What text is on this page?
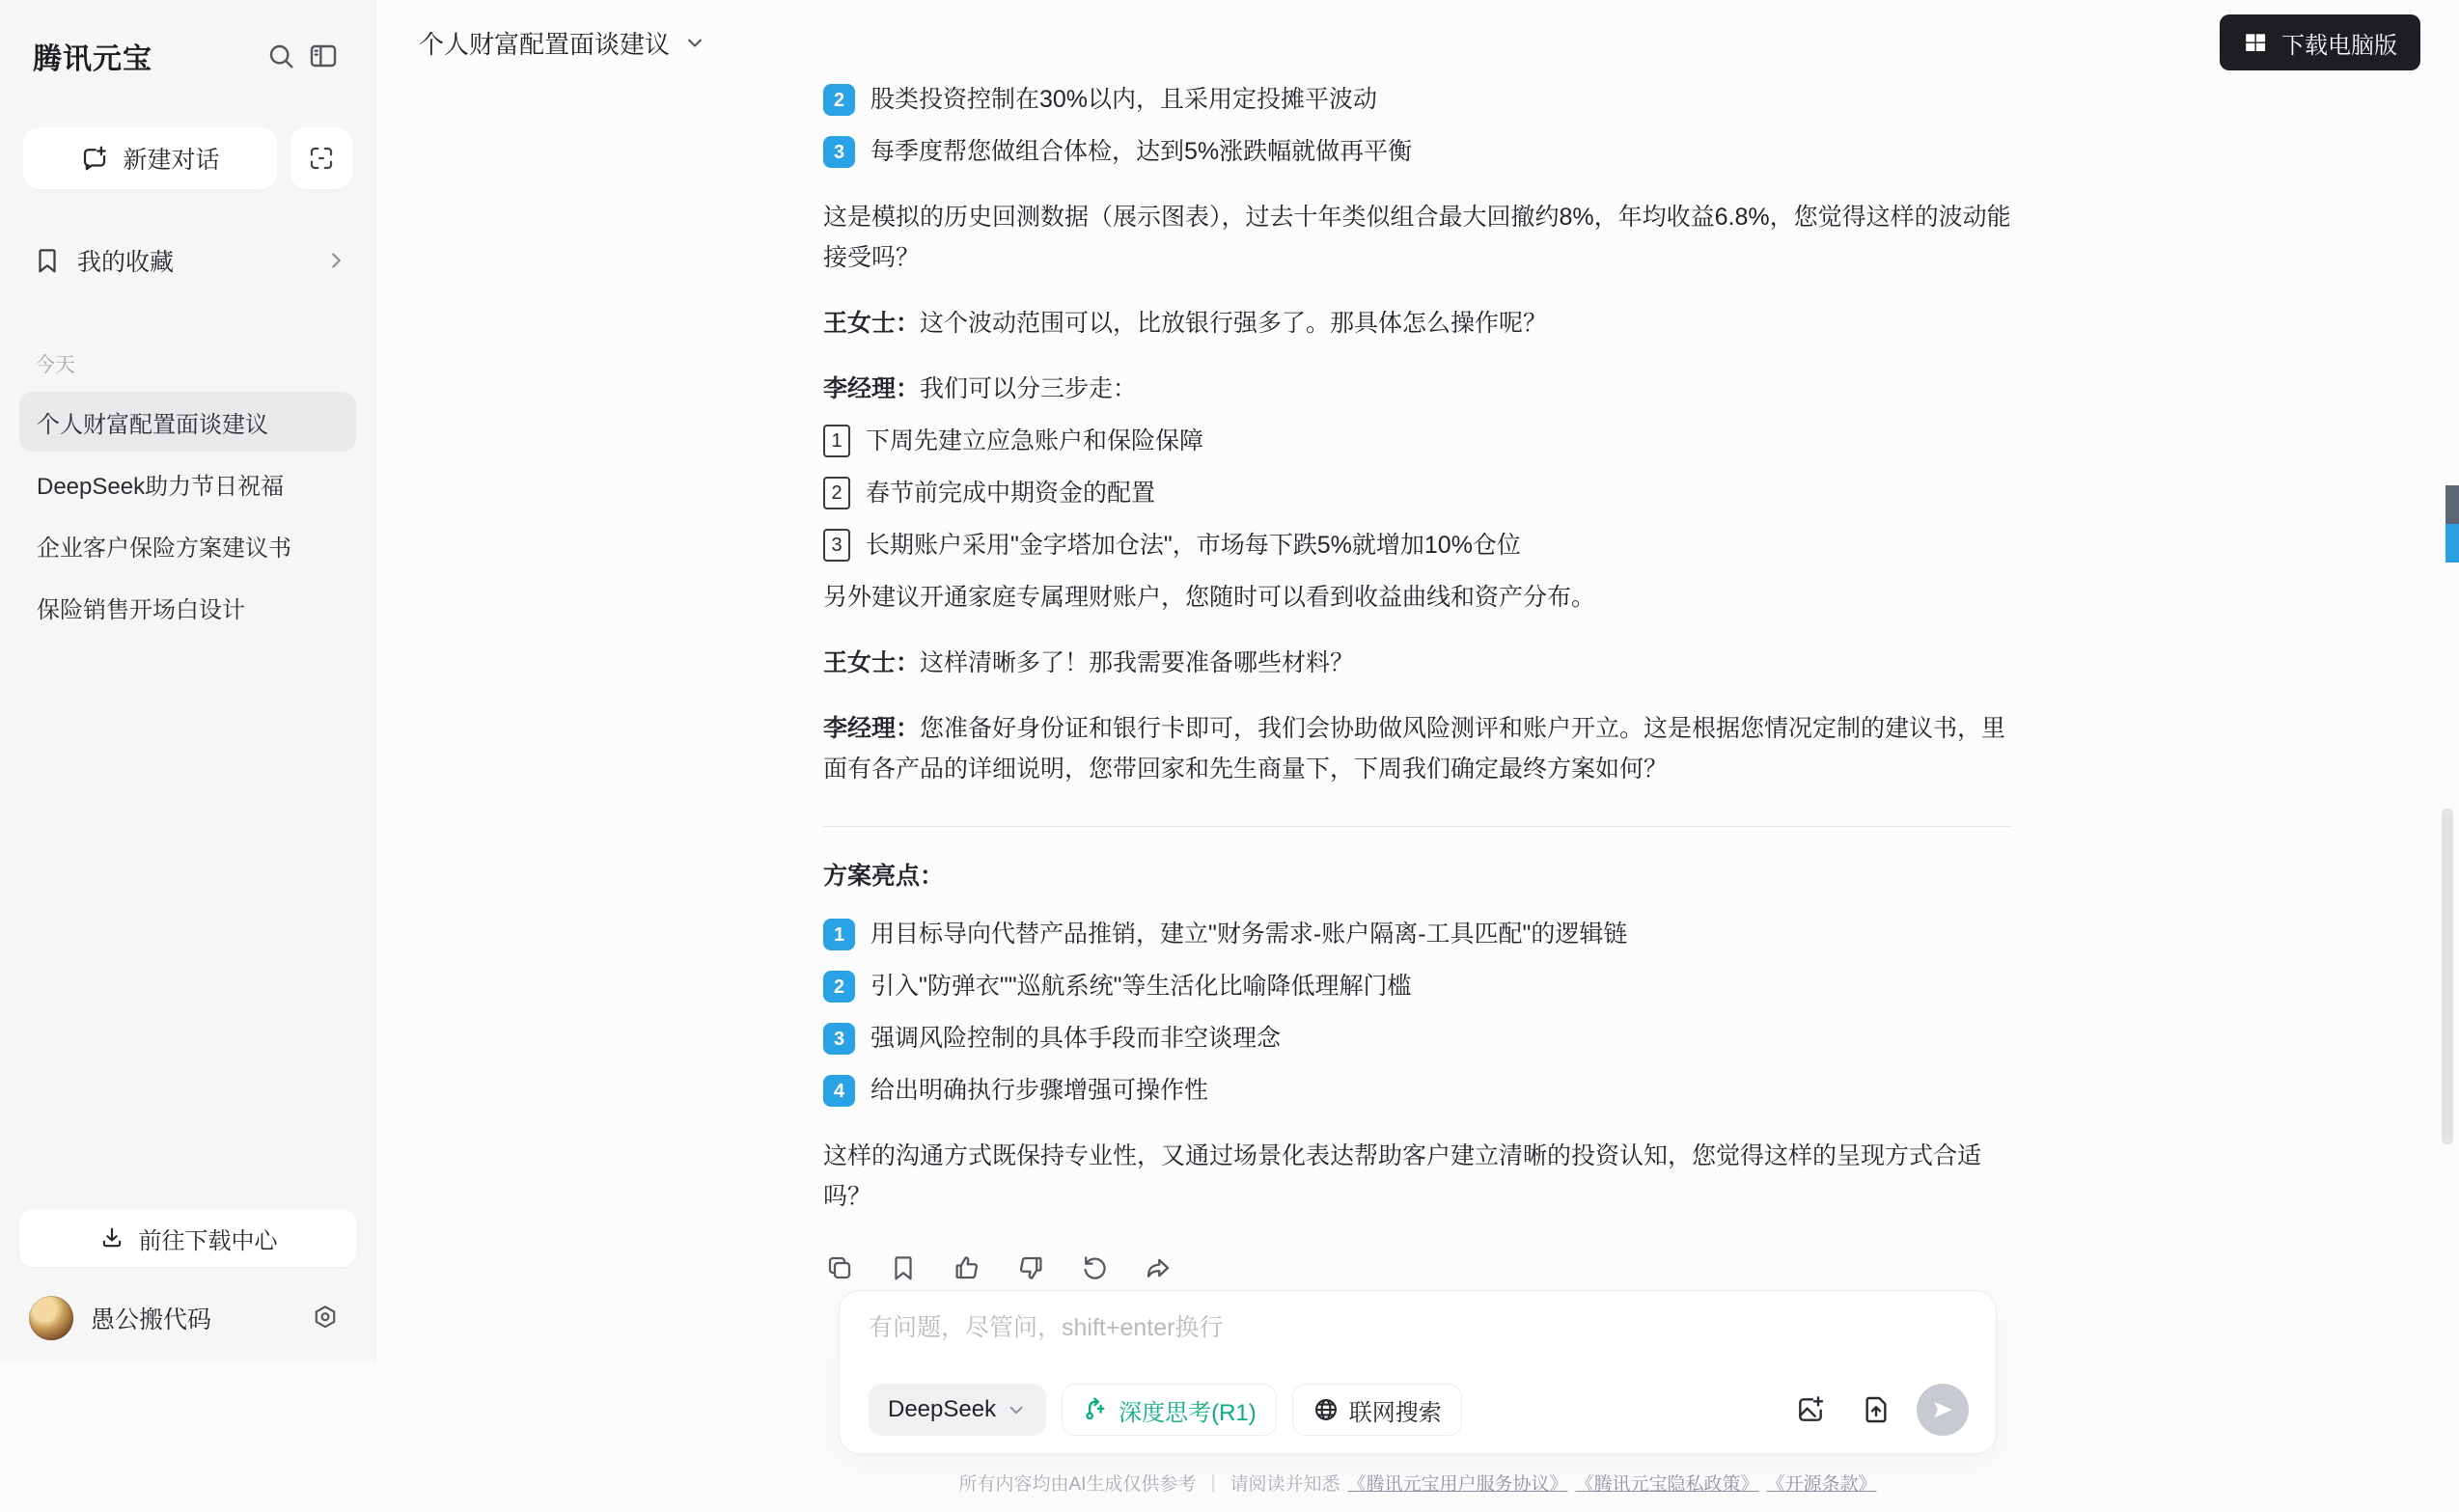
腾讯元宝
新建对话
我的收藏
今天
个人财富配置面谈建议
DeepSeek助力节日祝福
企业客户保险方案建议书
保险销售开场白设计
前往下载中心
愚公搬代码
个人财富配置面谈建议	下载电脑版
2	股类投资控制在30%以内，且采用定投摊平波动
3	每季度帮您做组合体检，达到5%涨跌幅就做再平衡

这是模拟的历史回测数据（展示图表），过去十年类似组合最大回撤约8%，年均收益6.8%，您觉得这样的波动能接受吗？

王女士：这个波动范围可以，比放银行强多了。那具体怎么操作呢？

李经理：我们可以分三步走：

1 下周先建立应急账户和保险保障
2 春节前完成中期资金的配置
3 长期账户采用"金字塔加仓法"，市场每下跌5%就增加10%仓位

另外建议开通家庭专属理财账户，您随时可以看到收益曲线和资产分布。

王女士：这样清晰多了！那我需要准备哪些材料？

李经理：您准备好身份证和银行卡即可，我们会协助做风险测评和账户开立。这是根据您情况定制的建议书，里面有各产品的详细说明，您带回家和先生商量下，下周我们确定最终方案如何？

方案亮点：

1	用目标导向代替产品推销，建立"财务需求-账户隔离-工具匹配"的逻辑链
2	引入"防弹衣""巡航系统"等生活化比喻降低理解门槛
3	强调风险控制的具体手段而非空谈理念
4	给出明确执行步骤增强可操作性

这样的沟通方式既保持专业性，又通过场景化表达帮助客户建立清晰的投资认知，您觉得这样的呈现方式合适吗？

有问题，尽管问，shift+enter换行
DeepSeek	深度思考(R1)	联网搜索
所有内容均由AI生成仅供参考 ｜ 请阅读并知悉 《腾讯元宝用户服务协议》 《腾讯元宝隐私政策》 《开源条款》
